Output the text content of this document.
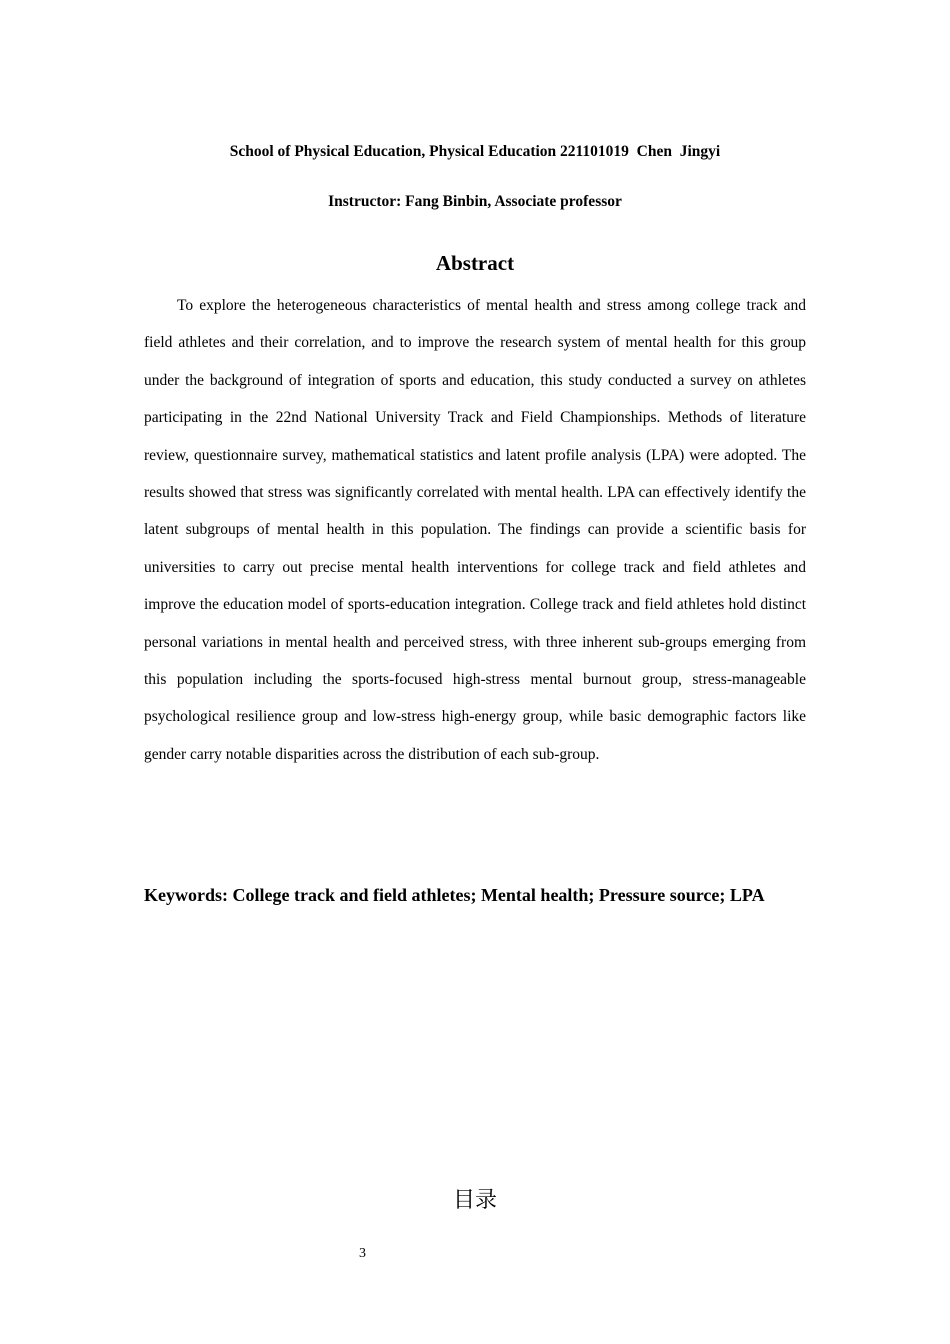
School of Physical Education, Physical Education 221101019  Chen  Jingyi
Instructor: Fang Binbin, Associate professor
Abstract

To explore the heterogeneous characteristics of mental health and stress among college track and field athletes and their correlation, and to improve the research system of mental health for this group under the background of integration of sports and education, this study conducted a survey on athletes participating in the 22nd National University Track and Field Championships. Methods of literature review, questionnaire survey, mathematical statistics and latent profile analysis (LPA) were adopted. The results showed that stress was significantly correlated with mental health. LPA can effectively identify the latent subgroups of mental health in this population. The findings can provide a scientific basis for universities to carry out precise mental health interventions for college track and field athletes and improve the education model of sports-education integration. College track and field athletes hold distinct personal variations in mental health and perceived stress, with three inherent sub-groups emerging from this population including the sports-focused high-stress mental burnout group, stress-manageable psychological resilience group and low-stress high-energy group, while basic demographic factors like gender carry notable disparities across the distribution of each sub-group.

Keywords: College track and field athletes; Mental health; Pressure source; LPA

目录
3
